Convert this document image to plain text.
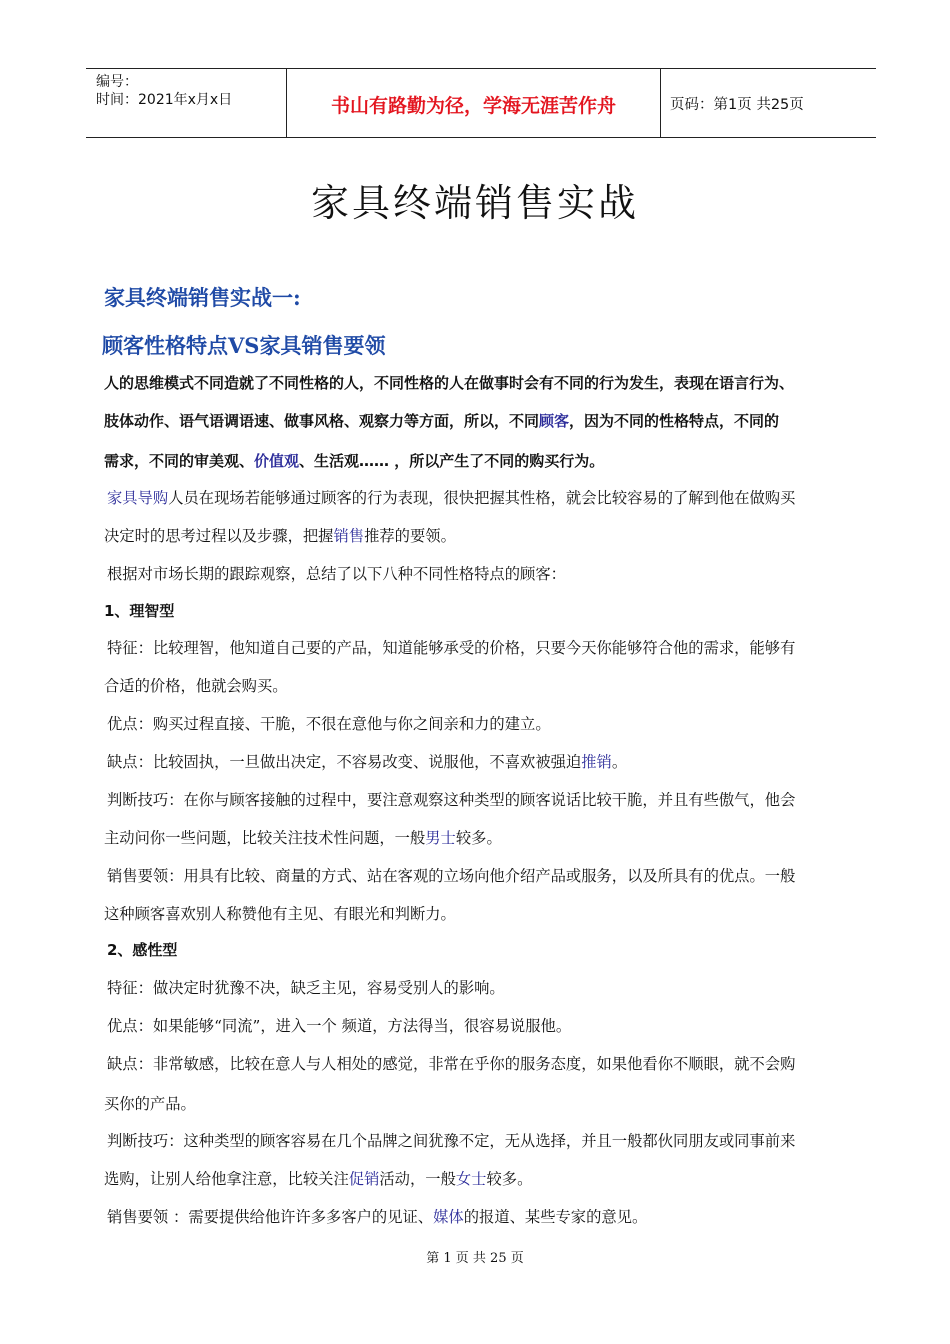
编号：
时间：2021年x月x日	书山有路勤为径，学海无涯苦作舟	页码：第1页 共25页
家具终端销售实战
家具终端销售实战一:
顾客性格特点VS家具销售要领
人的思维模式不同造就了不同性格的人，不同性格的人在做事时会有不同的行为发生，表现在语言行为、
肢体动作、语气语调语速、做事风格、观察力等方面，所以，不同顾客，因为不同的性格特点，不同的
需求，不同的审美观、价值观、生活观…… ，所以产生了不同的购买行为。
家具导购人员在现场若能够通过顾客的行为表现，很快把握其性格，就会比较容易的了解到他在做购买
决定时的思考过程以及步骤，把握销售推荐的要领。
根据对市场长期的跟踪观察，总结了以下八种不同性格特点的顾客：
1、理智型
特征：比较理智，他知道自己要的产品，知道能够承受的价格，只要今天你能够符合他的需求，能够有
合适的价格，他就会购买。
优点：购买过程直接、干脆，不很在意他与你之间亲和力的建立。
缺点：比较固执，一旦做出决定，不容易改变、说服他，不喜欢被强迫推销。
判断技巧：在你与顾客接触的过程中，要注意观察这种类型的顾客说话比较干脆，并且有些傲气，他会
主动问你一些问题，比较关注技术性问题，一般男士较多。
销售要领：用具有比较、商量的方式、站在客观的立场向他介绍产品或服务，以及所具有的优点。一般
这种顾客喜欢别人称赞他有主见、有眼光和判断力。
2、感性型
特征：做决定时犹豫不决，缺乏主见，容易受别人的影响。
优点：如果能够“同流”，进入一个 频道，方法得当，很容易说服他。
缺点：非常敏感，比较在意人与人相处的感觉，非常在乎你的服务态度，如果他看你不顺眼，就不会购
买你的产品。
判断技巧：这种类型的顾客容易在几个品牌之间犹豫不定，无从选择，并且一般都伙同朋友或同事前来
选购，让别人给他拿注意，比较关注促销活动，一般女士较多。
销售要领 ：需要提供给他许许多多客户的见证、媒体的报道、某些专家的意见。
第 1 页 共 25 页
